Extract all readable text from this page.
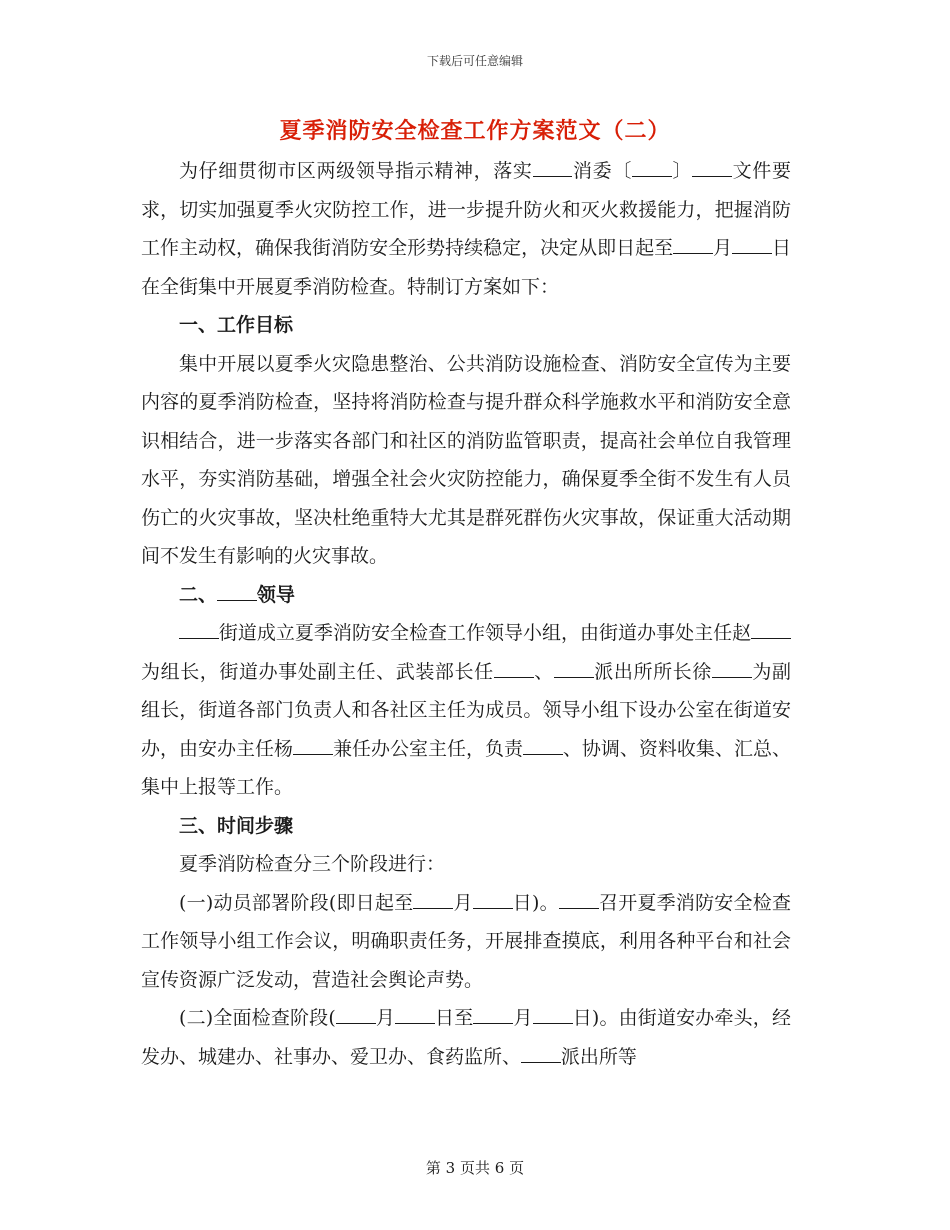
下载后可任意编辑
夏季消防安全检查工作方案范文（二）

为仔细贯彻市区两级领导指示精神，落实 消委〔 〕 文件要求，切实加强夏季火灾防控工作，进一步提升防火和灭火救援能力，把握消防工作主动权，确保我街消防安全形势持续稳定，决定从即日起至 月 日在全街集中开展夏季消防检查。特制订方案如下：

一、工作目标

集中开展以夏季火灾隐患整治、公共消防设施检查、消防安全宣传为主要内容的夏季消防检查，坚持将消防检查与提升群众科学施救水平和消防安全意识相结合，进一步落实各部门和社区的消防监管职责，提高社会单位自我管理水平，夯实消防基础，增强全社会火灾防控能力，确保夏季全街不发生有人员伤亡的火灾事故，坚决杜绝重特大尤其是群死群伤火灾事故，保证重大活动期间不发生有影响的火灾事故。

二、 领导

街道成立夏季消防安全检查工作领导小组，由街道办事处主任赵为组长，街道办事处副主任、武装部长任 、 派出所所长徐 为副组长，街道各部门负责人和各社区主任为成员。领导小组下设办公室在街道安办，由安办主任杨 兼任办公室主任，负责 、协调、资料收集、汇总、集中上报等工作。

三、时间步骤

夏季消防检查分三个阶段进行：

(一)动员部署阶段(即日起至 月 日)。 召开夏季消防安全检查工作领导小组工作会议，明确职责任务，开展排查摸底，利用各种平台和社会宣传资源广泛发动，营造社会舆论声势。

(二)全面检查阶段( 月 日至 月 日)。由街道安办牵头，经发办、城建办、社事办、爱卫办、食药监所、 派出所等

第 3 页共 6 页
